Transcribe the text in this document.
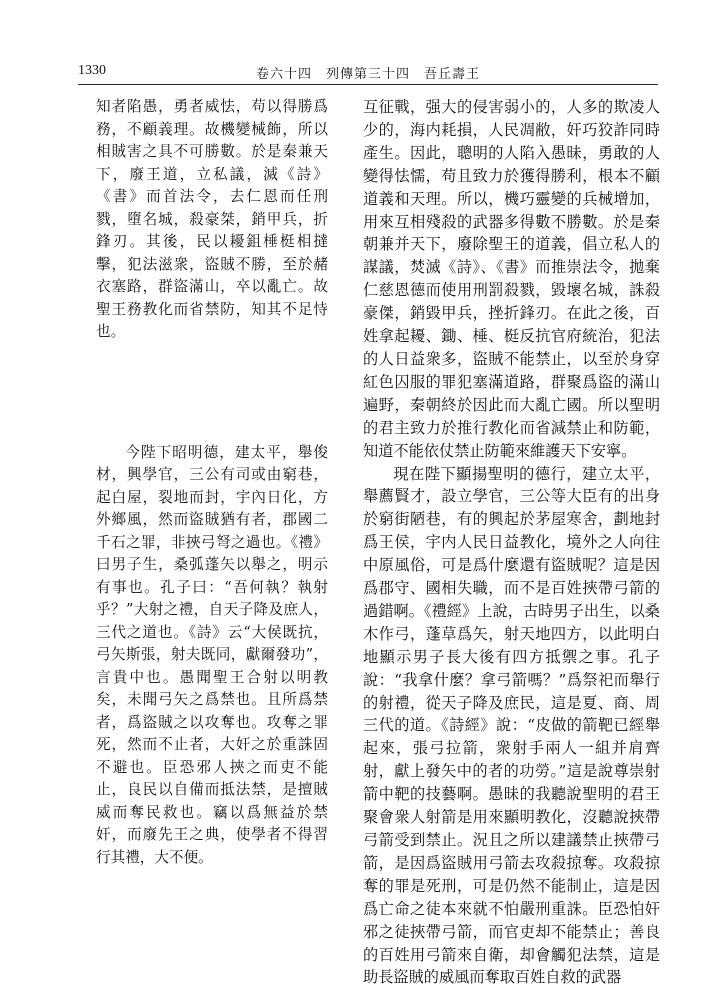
1330	卷六十四　列傳第三十四　吾丘壽王

知者陷愚，勇者威怯，苟以得勝爲務，不顧義理。故機變械飾，所以相賊害之具不可勝數。於是秦兼天下，廢王道，立私議，滅《詩》《書》而首法令，去仁恩而任刑戮，墮名城，殺豪桀，銷甲兵，折鋒刃。其後，民以耰鉏棰梃相撻擊，犯法滋衆，盜賊不勝，至於赭衣塞路，群盜滿山，卒以亂亡。故聖王務教化而省禁防，知其不足恃也。

今陛下昭明德，建太平，舉俊材，興學官，三公有司或由窮巷，起白屋，裂地而封，宇內日化，方外鄉風，然而盜賊猶有者，郡國二千石之罪，非挾弓弩之過也。《禮》曰男子生，桑弧蓬矢以舉之，明示有事也。孔子曰：“吾何執？執射乎？”大射之禮，自天子降及庶人，三代之道也。《詩》云“大侯既抗，弓矢斯張，射夫既同，獻爾發功”，言貴中也。愚聞聖王合射以明教矣，未聞弓矢之爲禁也。且所爲禁者，爲盜賊之以攻奪也。攻奪之罪死，然而不止者，大奸之於重誅固不避也。臣恐邪人挾之而吏不能止，良民以自備而抵法禁，是擅賊威而奪民救也。竊以爲無益於禁奸，而廢先王之典，使學者不得習行其禮，大不便。

互征戰，强大的侵害弱小的，人多的欺凌人少的，海内耗損，人民凋敝，奸巧狡詐同時產生。因此，聰明的人陷入愚昧，勇敢的人變得怯懦，苟且致力於獲得勝利，根本不顧道義和天理。所以，機巧靈變的兵械增加，用來互相殘殺的武器多得數不勝數。於是秦朝兼并天下，廢除聖王的道義，倡立私人的謀議，焚滅《詩》、《書》而推崇法令，拋棄仁慈恩德而使用刑罰殺戮，毀壞名城，誅殺豪傑，銷毀甲兵，挫折鋒刃。在此之後，百姓拿起耰、鋤、棰、梃反抗官府統治，犯法的人日益衆多，盜賊不能禁止，以至於身穿紅色囚服的罪犯塞滿道路，群聚爲盜的滿山遍野，秦朝終於因此而大亂亡國。所以聖明的君主致力於推行教化而省減禁止和防範，知道不能依仗禁止防範來維護天下安寧。

現在陛下顯揚聖明的德行，建立太平，舉薦賢才，設立學官，三公等大臣有的出身於窮街陋巷，有的興起於茅屋寒舍，劃地封爲王侯，宇内人民日益教化，境外之人向往中原風俗，可是爲什麼還有盜賊呢？這是因爲郡守、國相失職，而不是百姓挾帶弓箭的過錯啊。《禮經》上說，古時男子出生，以桑木作弓，蓬草爲矢，射天地四方，以此明白地顯示男子長大後有四方抵禦之事。孔子說：“我拿什麼？拿弓箭嗎？”爲祭祀而舉行的射禮，從天子降及庶民，這是夏、商、周三代的道。《詩經》說：“皮做的箭靶已經舉起來，張弓拉箭，衆射手兩人一組并肩齊射，獻上發矢中的者的功勞。”這是說尊崇射箭中靶的技藝啊。愚昧的我聽說聖明的君王聚會衆人射箭是用來顯明教化，沒聽說挾帶弓箭受到禁止。況且之所以建議禁止挾帶弓箭，是因爲盜賊用弓箭去攻殺掠奪。攻殺掠奪的罪是死刑，可是仍然不能制止，這是因爲亡命之徒本來就不怕嚴刑重誅。臣恐怕奸邪之徒挾帶弓箭，而官吏却不能禁止；善良的百姓用弓箭來自衛，却會觸犯法禁，這是助長盜賊的威風而奪取百姓自救的武器
